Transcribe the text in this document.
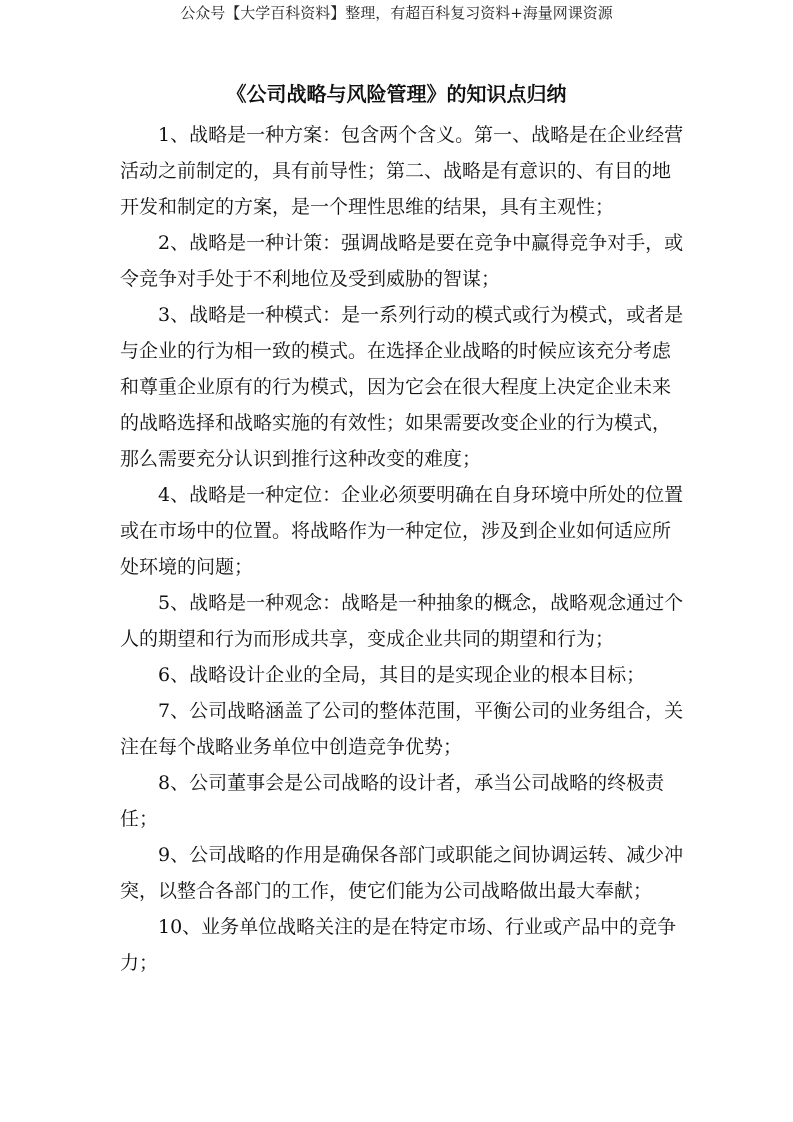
公众号【大学百科资料】整理，有超百科复习资料+海量网课资源
《公司战略与风险管理》的知识点归纳
1、战略是一种方案：包含两个含义。第一、战略是在企业经营
活动之前制定的，具有前导性；第二、战略是有意识的、有目的地
开发和制定的方案，是一个理性思维的结果，具有主观性；
2、战略是一种计策：强调战略是要在竞争中赢得竞争对手，或
令竞争对手处于不利地位及受到威胁的智谋；
3、战略是一种模式：是一系列行动的模式或行为模式，或者是
与企业的行为相一致的模式。在选择企业战略的时候应该充分考虑
和尊重企业原有的行为模式，因为它会在很大程度上决定企业未来
的战略选择和战略实施的有效性；如果需要改变企业的行为模式，
那么需要充分认识到推行这种改变的难度；
4、战略是一种定位：企业必须要明确在自身环境中所处的位置
或在市场中的位置。将战略作为一种定位，涉及到企业如何适应所
处环境的问题；
5、战略是一种观念：战略是一种抽象的概念，战略观念通过个
人的期望和行为而形成共享，变成企业共同的期望和行为；
6、战略设计企业的全局，其目的是实现企业的根本目标；
7、公司战略涵盖了公司的整体范围，平衡公司的业务组合，关
注在每个战略业务单位中创造竞争优势；
8、公司董事会是公司战略的设计者，承当公司战略的终极责
任；
9、公司战略的作用是确保各部门或职能之间协调运转、减少冲
突，以整合各部门的工作，使它们能为公司战略做出最大奉献；
10、业务单位战略关注的是在特定市场、行业或产品中的竞争
力；
